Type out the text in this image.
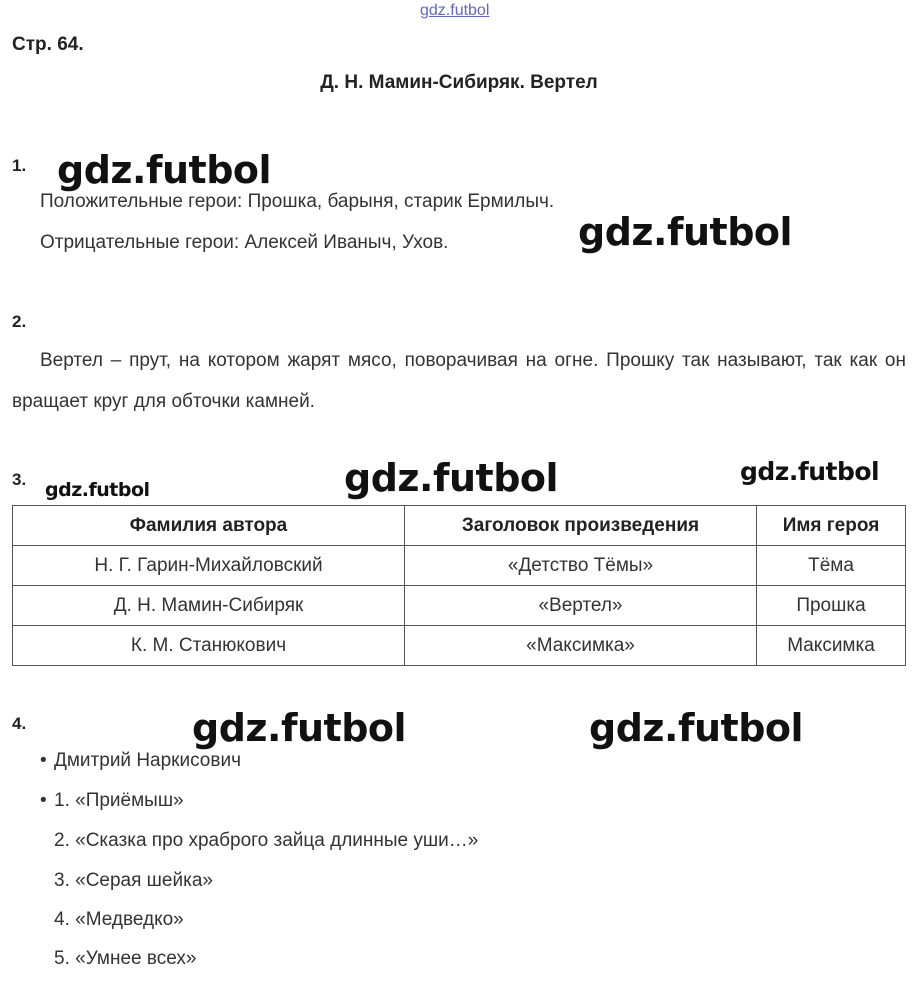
gdz.futbol
Стр. 64.
Д. Н. Мамин-Сибиряк. Вертел
1. gdz.futbol
Положительные герои: Прошка, барыня, старик Ермилыч.
Отрицательные герои: Алексей Иваныч, Ухов.	gdz.futbol
2.
Вертел – прут, на котором жарят мясо, поворачивая на огне. Прошку так называют, так как он вращает круг для обточки камней.
3. gdz.futbol	gdz.futbol	gdz.futbol
Фамилия автора	Заголовок произведения	Имя героя
Н. Г. Гарин-Михайловский	«Детство Тёмы»	Тёма
Д. Н. Мамин-Сибиряк	«Вертел»	Прошка
К. М. Станюкович	«Максимка»	Максимка
4.	gdz.futbol	gdz.futbol
• Дмитрий Наркисович
• 1. «Приёмыш»
2. «Сказка про храброго зайца длинные уши…»
3. «Серая шейка»
4. «Медведко»
5. «Умнее всех»
